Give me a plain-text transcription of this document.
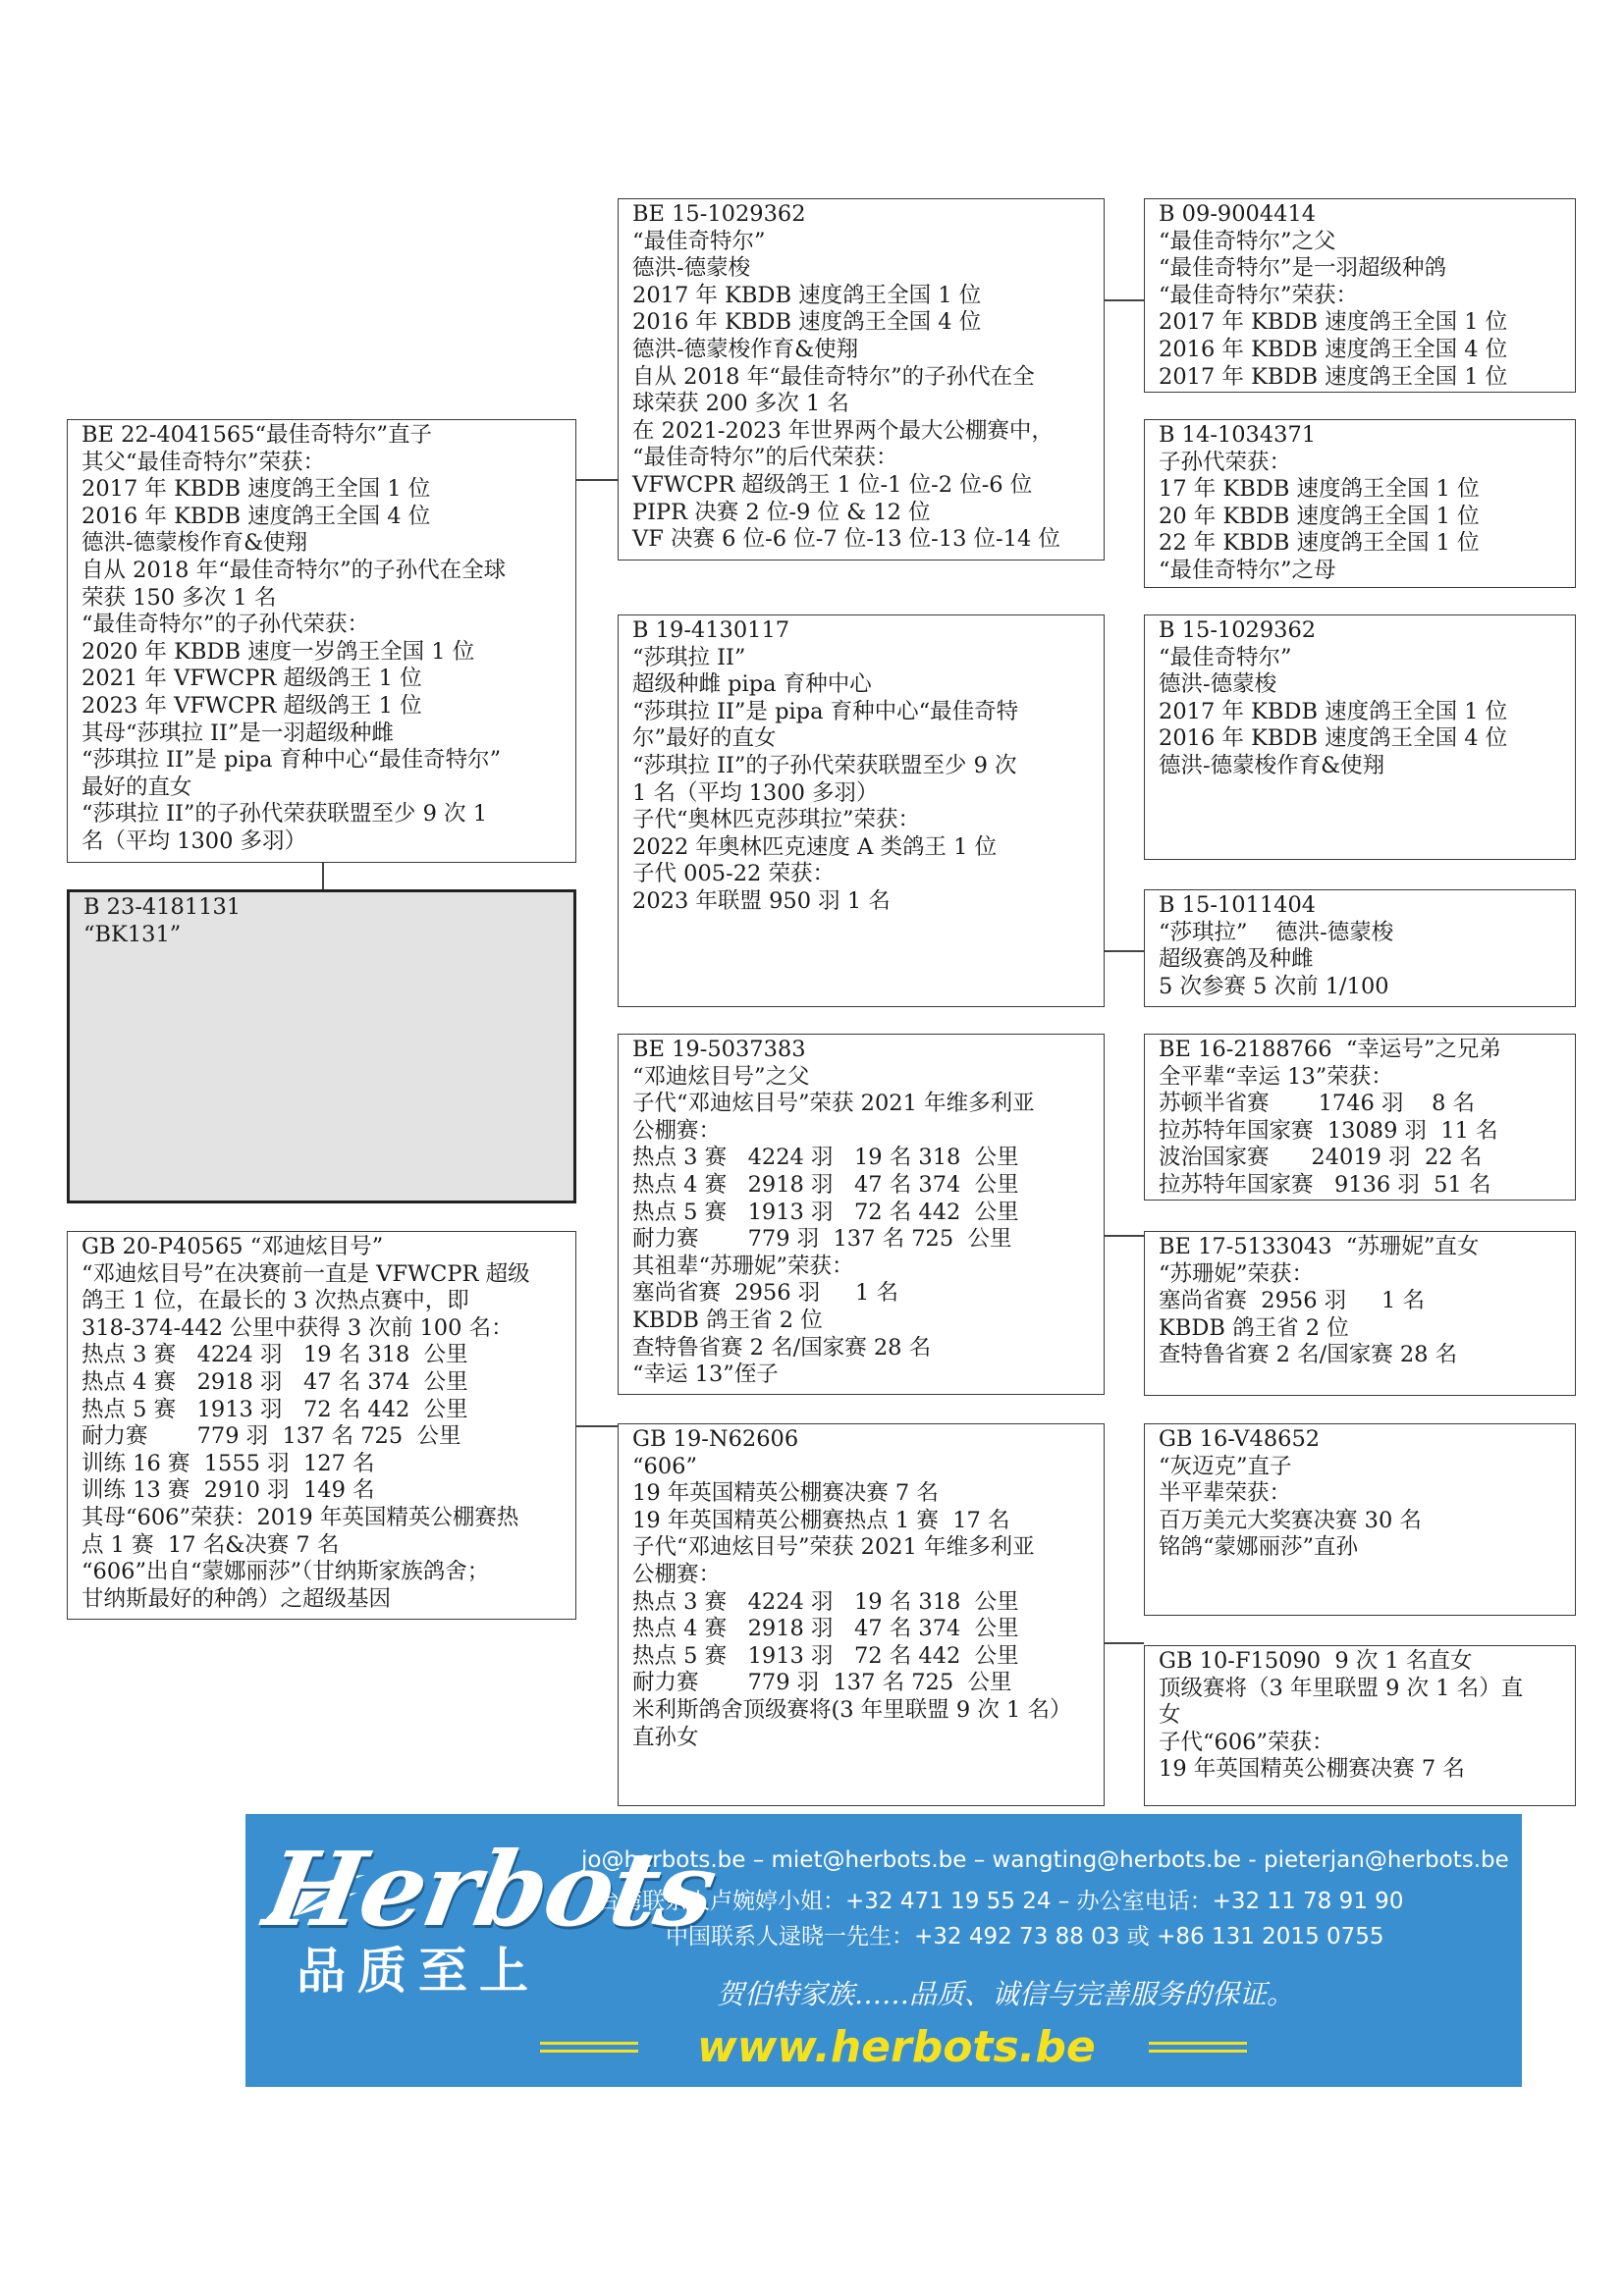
BE 22-4041565“最佳奇特尔”直子
其父“最佳奇特尔”荣获：
2017 年 KBDB 速度鸽王全国 1 位
2016 年 KBDB 速度鸽王全国 4 位
德洪-德蒙梭作育&使翔
自从 2018 年“最佳奇特尔”的子孙代在全球
荣获 150 多次 1 名
“最佳奇特尔”的子孙代荣获：
2020 年 KBDB 速度一岁鸽王全国 1 位
2021 年 VFWCPR 超级鸽王 1 位
2023 年 VFWCPR 超级鸽王 1 位
其母“莎琪拉 II”是一羽超级种雌
“莎琪拉 II”是 pipa 育种中心“最佳奇特尔”
最好的直女
“莎琪拉 II”的子孙代荣获联盟至少 9 次 1
名（平均 1300 多羽）
B 23-4181131
“BK131”
GB 20-P40565 “邓迪炫目号”
“邓迪炫目号”在决赛前一直是 VFWCPR 超级
鸽王 1 位，在最长的 3 次热点赛中，即
318-374-442 公里中获得 3 次前 100 名：
热点 3 赛   4224 羽   19 名 318  公里
热点 4 赛   2918 羽   47 名 374  公里
热点 5 赛   1913 羽   72 名 442  公里
耐力赛       779 羽  137 名 725  公里
训练 16 赛  1555 羽  127 名
训练 13 赛  2910 羽  149 名
其母“606”荣获：2019 年英国精英公棚赛热
点 1 赛  17 名&决赛 7 名
“606”出自“蒙娜丽莎”（甘纳斯家族鸽舍；
甘纳斯最好的种鸽）之超级基因
BE 15-1029362
“最佳奇特尔”
德洪-德蒙梭
2017 年 KBDB 速度鸽王全国 1 位
2016 年 KBDB 速度鸽王全国 4 位
德洪-德蒙梭作育&使翔
自从 2018 年“最佳奇特尔”的子孙代在全
球荣获 200 多次 1 名
在 2021-2023 年世界两个最大公棚赛中，
“最佳奇特尔”的后代荣获：
VFWCPR 超级鸽王 1 位-1 位-2 位-6 位
PIPR 决赛 2 位-9 位 & 12 位
VF 决赛 6 位-6 位-7 位-13 位-13 位-14 位
B 19-4130117
“莎琪拉 II”
超级种雌 pipa 育种中心
“莎琪拉 II”是 pipa 育种中心“最佳奇特
尔”最好的直女
“莎琪拉 II”的子孙代荣获联盟至少 9 次
1 名（平均 1300 多羽）
子代“奥林匹克莎琪拉”荣获：
2022 年奥林匹克速度 A 类鸽王 1 位
子代 005-22 荣获：
2023 年联盟 950 羽 1 名
BE 19-5037383
“邓迪炫目号”之父
子代“邓迪炫目号”荣获 2021 年维多利亚
公棚赛：
热点 3 赛   4224 羽   19 名 318  公里
热点 4 赛   2918 羽   47 名 374  公里
热点 5 赛   1913 羽   72 名 442  公里
耐力赛       779 羽  137 名 725  公里
其祖辈“苏珊妮”荣获：
塞尚省赛  2956 羽     1 名
KBDB 鸽王省 2 位
查特鲁省赛 2 名/国家赛 28 名
“幸运 13”侄子
GB 19-N62606
“606”
19 年英国精英公棚赛决赛 7 名
19 年英国精英公棚赛热点 1 赛  17 名
子代“邓迪炫目号”荣获 2021 年维多利亚
公棚赛：
热点 3 赛   4224 羽   19 名 318  公里
热点 4 赛   2918 羽   47 名 374  公里
热点 5 赛   1913 羽   72 名 442  公里
耐力赛       779 羽  137 名 725  公里
米利斯鸽舍顶级赛将(3 年里联盟 9 次 1 名）
直孙女
B 09-9004414
“最佳奇特尔”之父
“最佳奇特尔”是一羽超级种鸽
“最佳奇特尔”荣获：
2017 年 KBDB 速度鸽王全国 1 位
2016 年 KBDB 速度鸽王全国 4 位
2017 年 KBDB 速度鸽王全国 1 位
B 14-1034371
子孙代荣获：
17 年 KBDB 速度鸽王全国 1 位
20 年 KBDB 速度鸽王全国 1 位
22 年 KBDB 速度鸽王全国 1 位
“最佳奇特尔”之母
B 15-1029362
“最佳奇特尔”
德洪-德蒙梭
2017 年 KBDB 速度鸽王全国 1 位
2016 年 KBDB 速度鸽王全国 4 位
德洪-德蒙梭作育&使翔
B 15-1011404
“莎琪拉”    德洪-德蒙梭
超级赛鸽及种雌
5 次参赛 5 次前 1/100
BE 16-2188766  “幸运号”之兄弟
全平辈“幸运 13”荣获：
苏顿半省赛       1746 羽    8 名
拉苏特年国家赛  13089 羽  11 名
波治国家赛      24019 羽  22 名
拉苏特年国家赛   9136 羽  51 名
BE 17-5133043  “苏珊妮”直女
“苏珊妮”荣获：
塞尚省赛  2956 羽     1 名
KBDB 鸽王省 2 位
查特鲁省赛 2 名/国家赛 28 名
GB 16-V48652
“灰迈克”直子
半平辈荣获：
百万美元大奖赛决赛 30 名
铭鸽“蒙娜丽莎”直孙
GB 10-F15090  9 次 1 名直女
顶级赛将（3 年里联盟 9 次 1 名）直
女
子代“606”荣获：
19 年英国精英公棚赛决赛 7 名
Herbots
品质至上
jo@herbots.be – miet@herbots.be – wangting@herbots.be - pieterjan@herbots.be
台湾联系人卢婉婷小姐：+32 471 19 55 24 – 办公室电话：+32 11 78 91 90
中国联系人逯晓一先生：+32 492 73 88 03 或 +86 131 2015 0755
贺伯特家族……品质、诚信与完善服务的保证。
www.herbots.be
